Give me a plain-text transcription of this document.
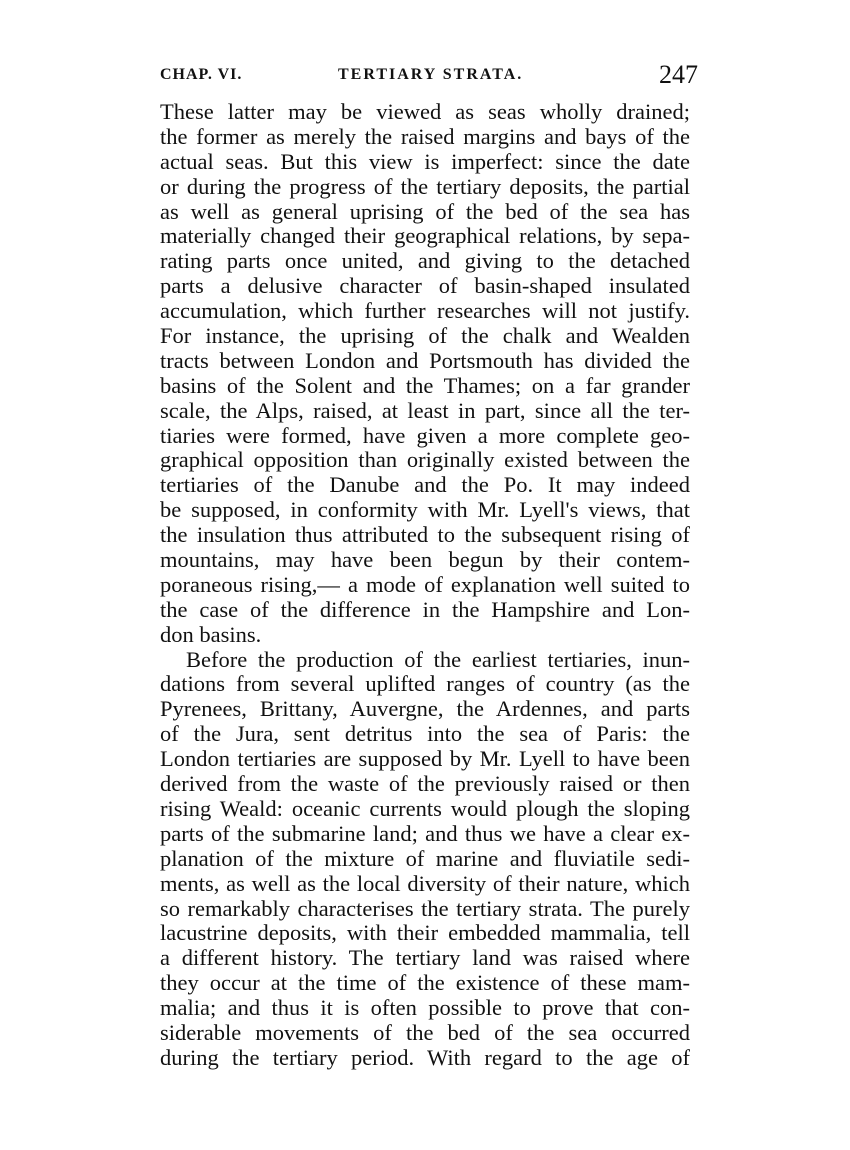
CHAP. VI.	TERTIARY STRATA.	247
These latter may be viewed as seas wholly drained;
the former as merely the raised margins and bays of the
actual seas. But this view is imperfect: since the date
or during the progress of the tertiary deposits, the partial
as well as general uprising of the bed of the sea has
materially changed their geographical relations, by sepa-
rating parts once united, and giving to the detached
parts a delusive character of basin-shaped insulated
accumulation, which further researches will not justify.
For instance, the uprising of the chalk and Wealden
tracts between London and Portsmouth has divided the
basins of the Solent and the Thames; on a far grander
scale, the Alps, raised, at least in part, since all the ter-
tiaries were formed, have given a more complete geo-
graphical opposition than originally existed between the
tertiaries of the Danube and the Po. It may indeed
be supposed, in conformity with Mr. Lyell's views, that
the insulation thus attributed to the subsequent rising of
mountains, may have been begun by their contem-
poraneous rising,— a mode of explanation well suited to
the case of the difference in the Hampshire and Lon-
don basins.
Before the production of the earliest tertiaries, inun-
dations from several uplifted ranges of country (as the
Pyrenees, Brittany, Auvergne, the Ardennes, and parts
of the Jura, sent detritus into the sea of Paris: the
London tertiaries are supposed by Mr. Lyell to have been
derived from the waste of the previously raised or then
rising Weald: oceanic currents would plough the sloping
parts of the submarine land; and thus we have a clear ex-
planation of the mixture of marine and fluviatile sedi-
ments, as well as the local diversity of their nature, which
so remarkably characterises the tertiary strata. The purely
lacustrine deposits, with their embedded mammalia, tell
a different history. The tertiary land was raised where
they occur at the time of the existence of these mam-
malia; and thus it is often possible to prove that con-
siderable movements of the bed of the sea occurred
during the tertiary period. With regard to the age of
